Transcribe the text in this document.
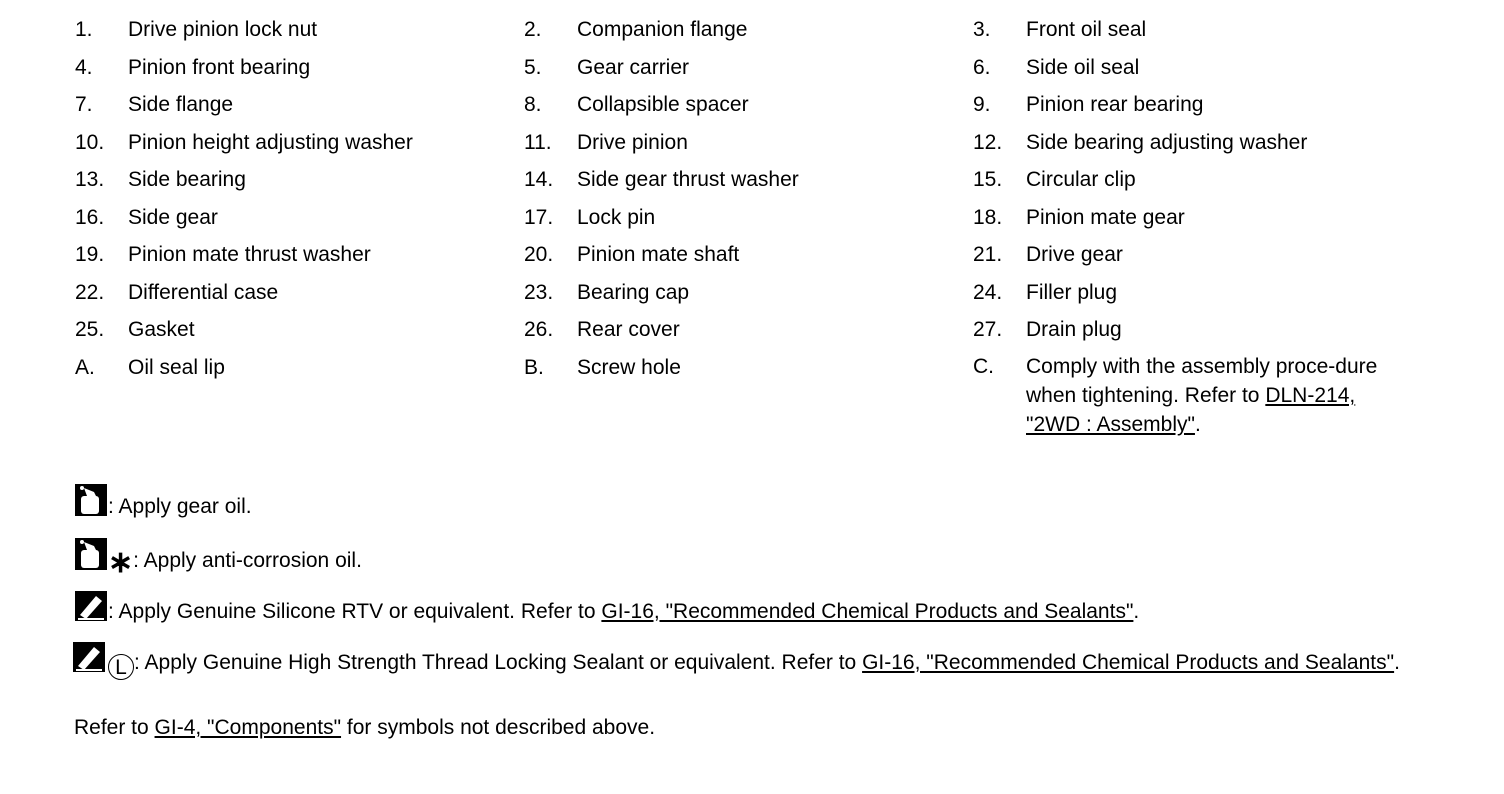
1. Drive pinion lock nut	2. Companion flange	3. Front oil seal
4. Pinion front bearing	5. Gear carrier	6. Side oil seal
7. Side flange	8. Collapsible spacer	9. Pinion rear bearing
10. Pinion height adjusting washer	11. Drive pinion	12. Side bearing adjusting washer
13. Side bearing	14. Side gear thrust washer	15. Circular clip
16. Side gear	17. Lock pin	18. Pinion mate gear
19. Pinion mate thrust washer	20. Pinion mate shaft	21. Drive gear
22. Differential case	23. Bearing cap	24. Filler plug
25. Gasket	26. Rear cover	27. Drain plug
A. Oil seal lip	B. Screw hole	C. Comply with the assembly proce-dure when tightening. Refer to DLN-214, "2WD : Assembly".
: Apply gear oil.
∗: Apply anti-corrosion oil.
: Apply Genuine Silicone RTV or equivalent. Refer to GI-16, "Recommended Chemical Products and Sealants".
L : Apply Genuine High Strength Thread Locking Sealant or equivalent. Refer to GI-16, "Recommended Chemical Products and Sealants".
Refer to GI-4, "Components" for symbols not described above.
